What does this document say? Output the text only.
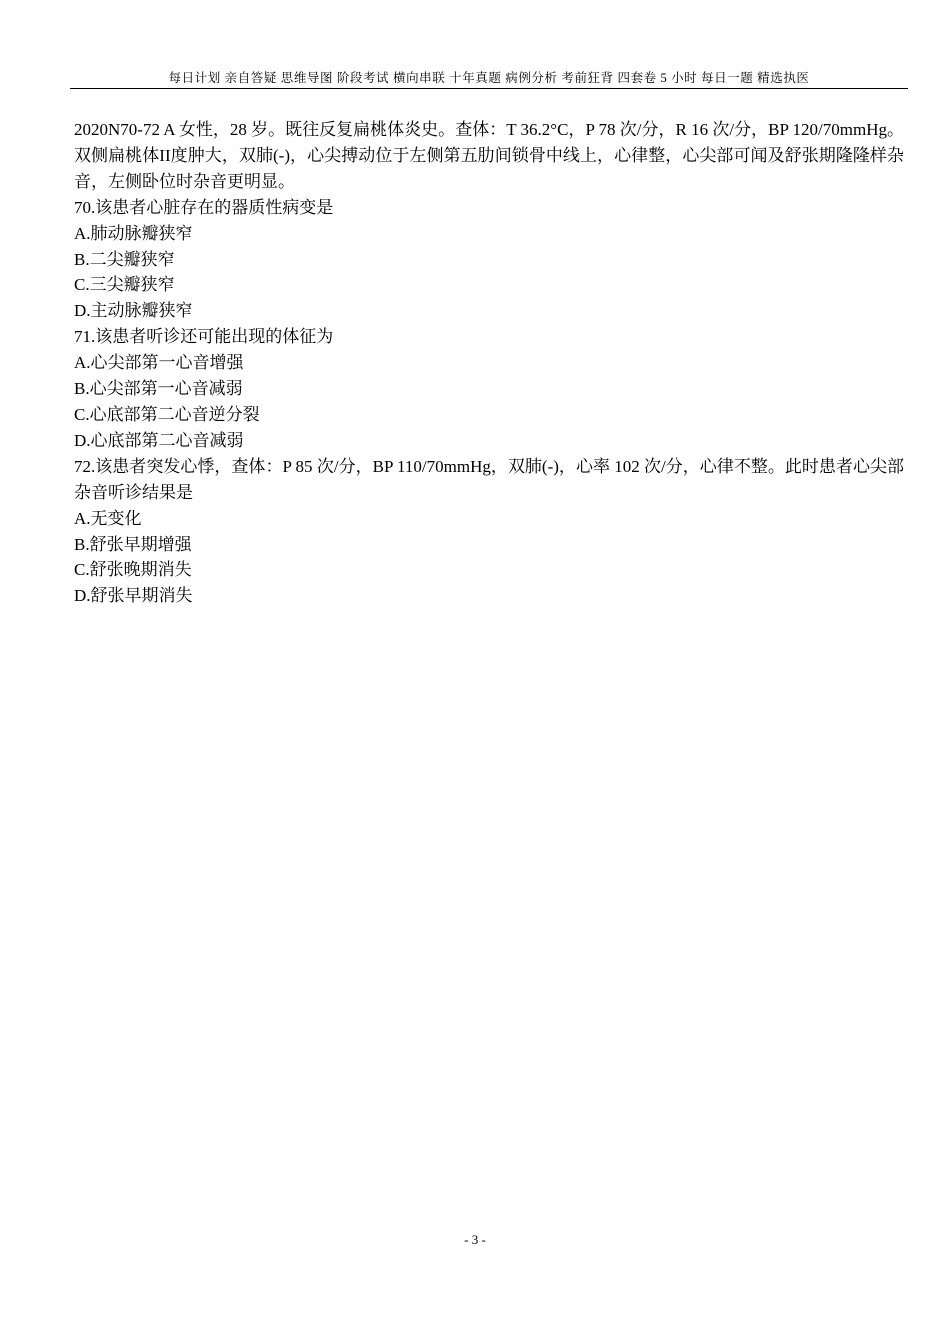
每日计划 亲自答疑 思维导图 阶段考试 横向串联 十年真题 病例分析 考前狂背 四套卷 5 小时 每日一题 精选执医
2020N70-72 A 女性，28 岁。既往反复扁桃体炎史。查体：T 36.2°C，P 78 次/分，R 16 次/分，BP 120/70mmHg。双侧扁桃体II度肿大，双肺(-)，心尖搏动位于左侧第五肋间锁骨中线上，心律整，心尖部可闻及舒张期隆隆样杂音，左侧卧位时杂音更明显。
70.该患者心脏存在的器质性病变是
A.肺动脉瓣狭窄
B.二尖瓣狭窄
C.三尖瓣狭窄
D.主动脉瓣狭窄
71.该患者听诊还可能出现的体征为
A.心尖部第一心音增强
B.心尖部第一心音减弱
C.心底部第二心音逆分裂
D.心底部第二心音减弱
72.该患者突发心悸，查体：P 85 次/分，BP 110/70mmHg，双肺(-)，心率 102 次/分，心律不整。此时患者心尖部杂音听诊结果是
A.无变化
B.舒张早期增强
C.舒张晚期消失
D.舒张早期消失
- 3 -
